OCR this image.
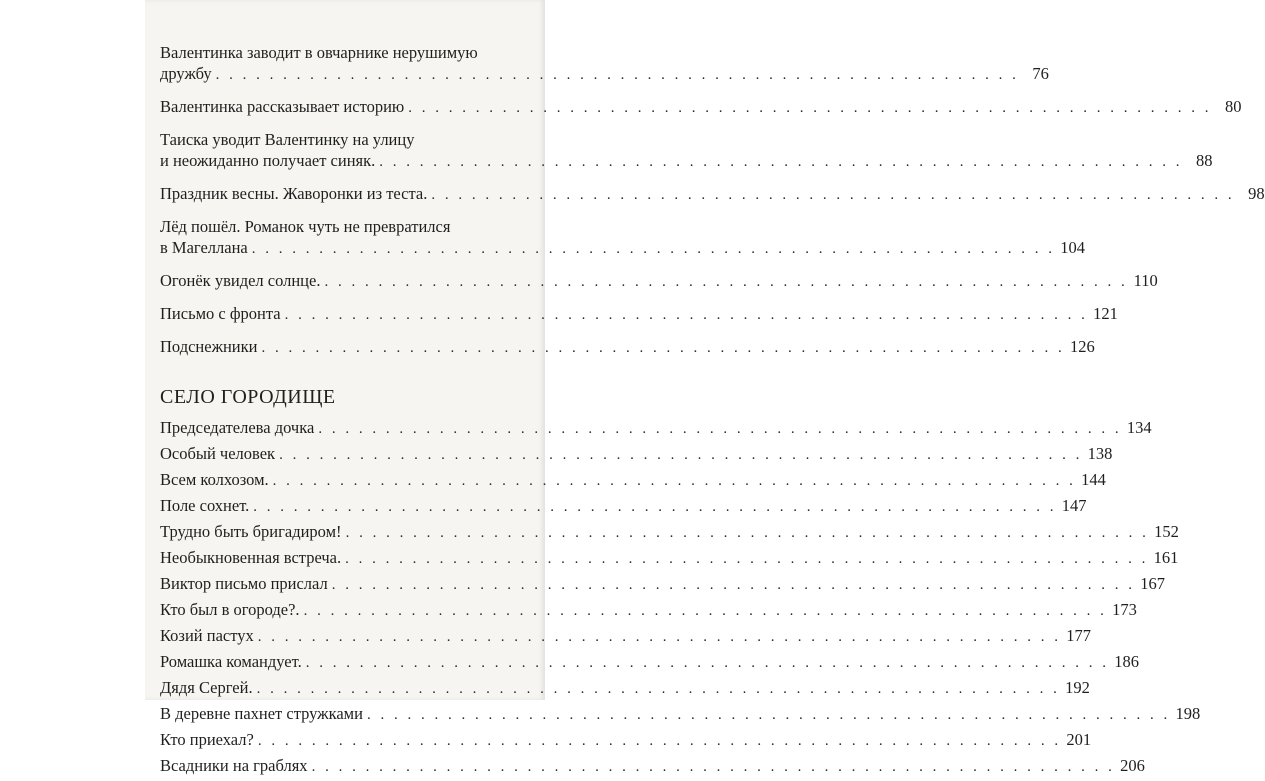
Валентинка заводит в овчарнике нерушимую
дружбу . . . . . . . . . . . . . . . . . . . . . . . . . . . . . . . . . . . . . . . . . . . . . . . . . . . . . . . . . . . . 76
Валентинка рассказывает историю . . . . . . . . . . . . . . . . . . . . . . . . . . . . . . . . . . . . . . . . . . . . . . . . . . . . . . . . . . . . 80
Таиска уводит Валентинку на улицу
и неожиданно получает синяк. . . . . . . . . . . . . . . . . . . . . . . . . . . . . . . . . . . . . . . . . . . . . . . . . . . . . . . . . . . . . 88
Праздник весны. Жаворонки из теста. . . . . . . . . . . . . . . . . . . . . . . . . . . . . . . . . . . . . . . . . . . . . . . . . . . . . . . . . . . . . 98
Лёд пошёл. Романок чуть не превратился
в Магеллана . . . . . . . . . . . . . . . . . . . . . . . . . . . . . . . . . . . . . . . . . . . . . . . . . . . . . . . . . . . . 104
Огонёк увидел солнце. . . . . . . . . . . . . . . . . . . . . . . . . . . . . . . . . . . . . . . . . . . . . . . . . . . . . . . . . . . . . 110
Письмо с фронта . . . . . . . . . . . . . . . . . . . . . . . . . . . . . . . . . . . . . . . . . . . . . . . . . . . . . . . . . . . . 121
Подснежники . . . . . . . . . . . . . . . . . . . . . . . . . . . . . . . . . . . . . . . . . . . . . . . . . . . . . . . . . . . . 126
СЕЛО ГОРОДИЩЕ
Председателева дочка . . . . . . . . . . . . . . . . . . . . . . . . . . . . . . . . . . . . . . . . . . . . . . . . . . . . . . . . . . . . 134
Особый человек . . . . . . . . . . . . . . . . . . . . . . . . . . . . . . . . . . . . . . . . . . . . . . . . . . . . . . . . . . . . 138
Всем колхозом. . . . . . . . . . . . . . . . . . . . . . . . . . . . . . . . . . . . . . . . . . . . . . . . . . . . . . . . . . . . . 144
Поле сохнет. . . . . . . . . . . . . . . . . . . . . . . . . . . . . . . . . . . . . . . . . . . . . . . . . . . . . . . . . . . . . 147
Трудно быть бригадиром! . . . . . . . . . . . . . . . . . . . . . . . . . . . . . . . . . . . . . . . . . . . . . . . . . . . . . . . . . . . . 152
Необыкновенная встреча. . . . . . . . . . . . . . . . . . . . . . . . . . . . . . . . . . . . . . . . . . . . . . . . . . . . . . . . . . . . . 161
Виктор письмо прислал . . . . . . . . . . . . . . . . . . . . . . . . . . . . . . . . . . . . . . . . . . . . . . . . . . . . . . . . . . . . 167
Кто был в огороде?. . . . . . . . . . . . . . . . . . . . . . . . . . . . . . . . . . . . . . . . . . . . . . . . . . . . . . . . . . . . . 173
Козий пастух . . . . . . . . . . . . . . . . . . . . . . . . . . . . . . . . . . . . . . . . . . . . . . . . . . . . . . . . . . . . 177
Ромашка командует. . . . . . . . . . . . . . . . . . . . . . . . . . . . . . . . . . . . . . . . . . . . . . . . . . . . . . . . . . . . . 186
Дядя Сергей. . . . . . . . . . . . . . . . . . . . . . . . . . . . . . . . . . . . . . . . . . . . . . . . . . . . . . . . . . . . . 192
В деревне пахнет стружками . . . . . . . . . . . . . . . . . . . . . . . . . . . . . . . . . . . . . . . . . . . . . . . . . . . . . . . . . . . . 198
Кто приехал? . . . . . . . . . . . . . . . . . . . . . . . . . . . . . . . . . . . . . . . . . . . . . . . . . . . . . . . . . . . . 201
Всадники на граблях . . . . . . . . . . . . . . . . . . . . . . . . . . . . . . . . . . . . . . . . . . . . . . . . . . . . . . . . . . . . 206
